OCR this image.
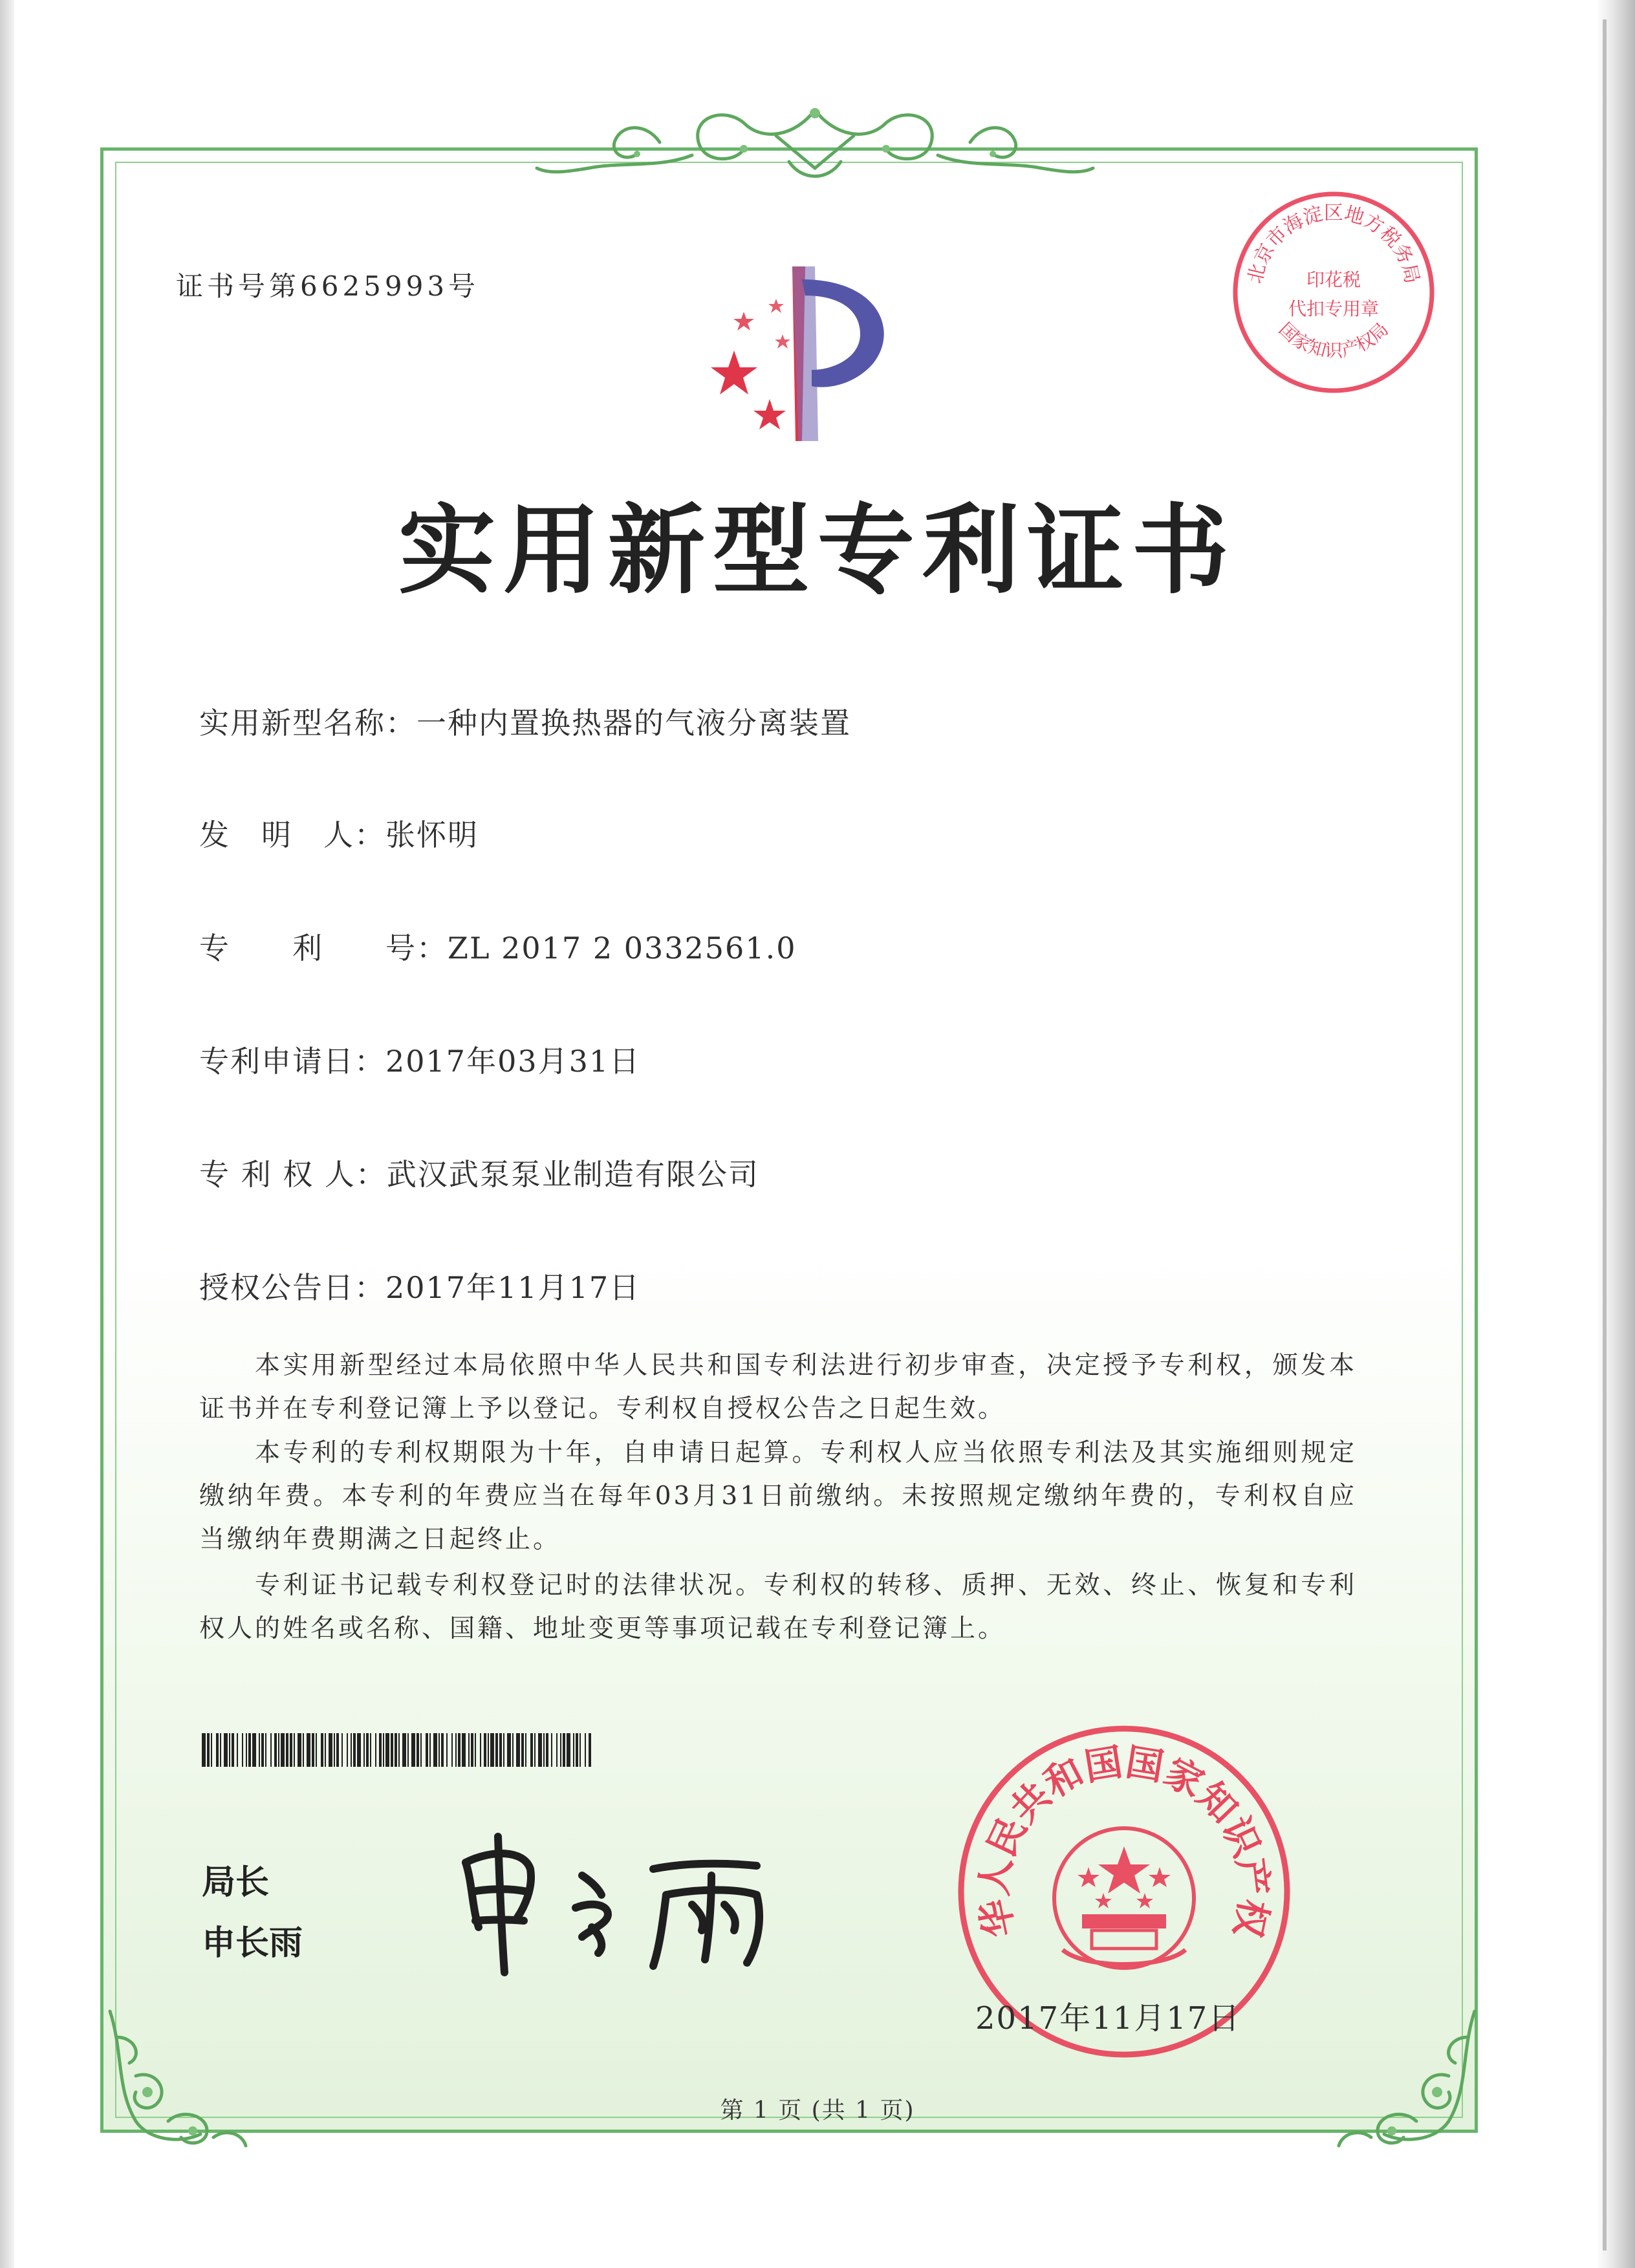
证书号第6625993号	北京市海淀区地方税务局
国家知识产权局
印花税
代扣专用章
实用新型专利证书
实用新型名称：一种内置换热器的气液分离装置
发　明　人：张怀明
专　　利　　号：ZL 2017 2 0332561.0
专利申请日：2017年03月31日
专 利 权 人：武汉武泵泵业制造有限公司
授权公告日：2017年11月17日
本实用新型经过本局依照中华人民共和国专利法进行初步审查，决定授予专利权，颁发本证书并在专利登记簿上予以登记。专利权自授权公告之日起生效。
本专利的专利权期限为十年，自申请日起算。专利权人应当依照专利法及其实施细则规定缴纳年费。本专利的年费应当在每年03月31日前缴纳。未按照规定缴纳年费的，专利权自应当缴纳年费期满之日起终止。
专利证书记载专利权登记时的法律状况。专利权的转移、质押、无效、终止、恢复和专利权人的姓名或名称、国籍、地址变更等事项记载在专利登记簿上。
局长
申长雨
华人民共和国国家知识产权
2017年11月17日
第 1 页 (共 1 页)
